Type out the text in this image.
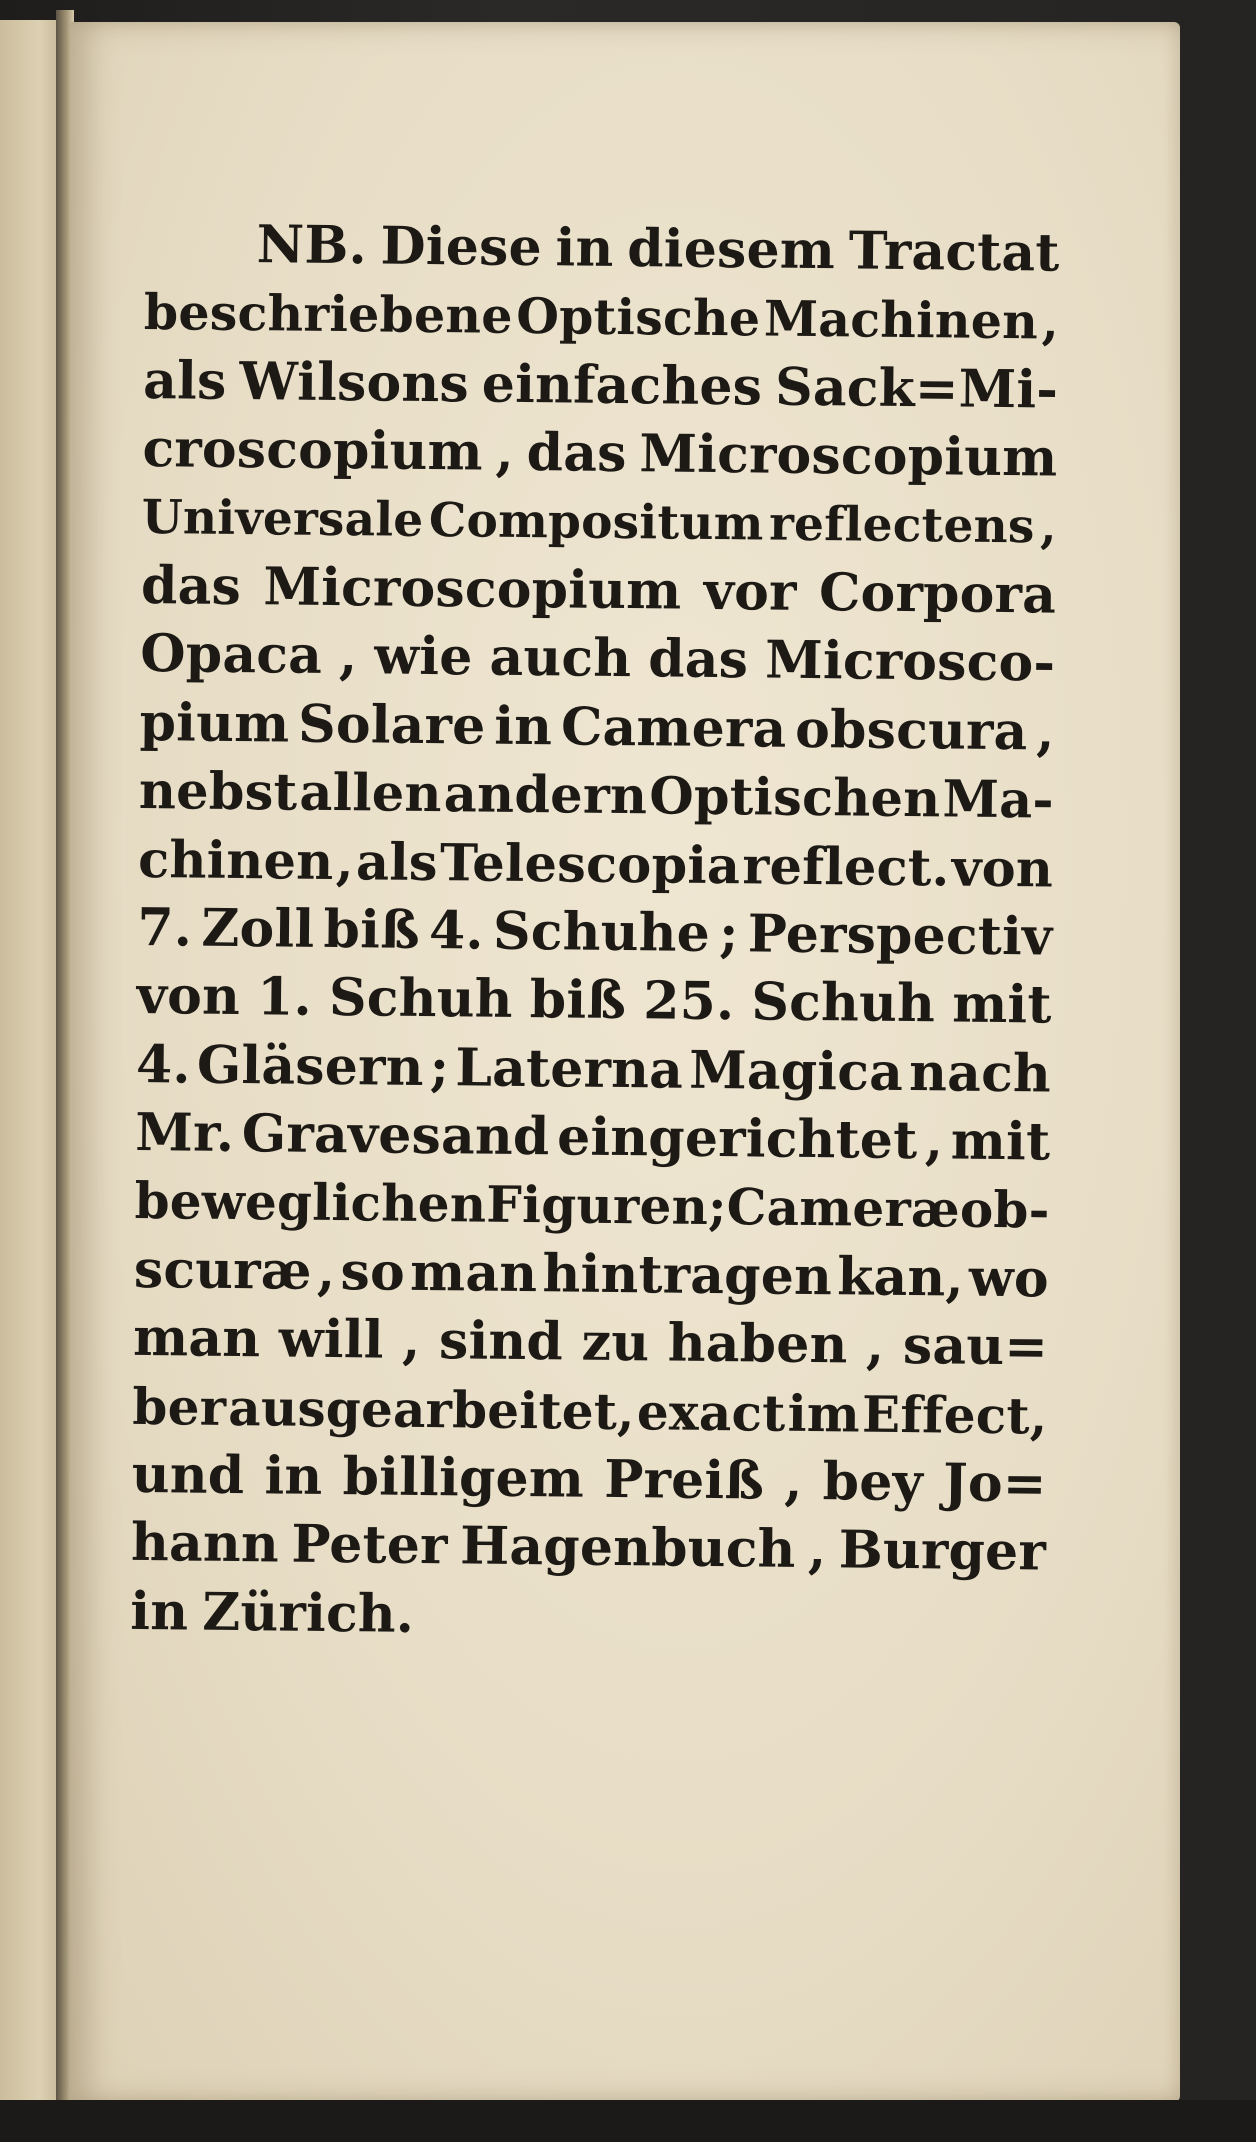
NB. Diese in diesem Tractat
beschriebene Optische Machinen ,
als Wilsons einfaches Sack=Mi-
croscopium , das Microscopium
Universale Compositum reflectens ,
das Microscopium vor Corpora
Opaca , wie auch das Microsco-
pium Solare in Camera obscura ,
nebst allen andern Optischen Ma-
chinen , als Telescopia reflect. von
7. Zoll biß 4. Schuhe ; Perspectiv
von 1. Schuh biß 25. Schuh mit
4. Gläsern ; Laterna Magica nach
Mr. Gravesand eingerichtet , mit
beweglichen Figuren ; Cameræ ob-
scuræ , so man hintragen kan, wo
man will , sind zu haben , sau=
ber ausgearbeitet, exact im Effect,
und in billigem Preiß , bey Jo=
hann Peter Hagenbuch , Burger
in Zürich.
